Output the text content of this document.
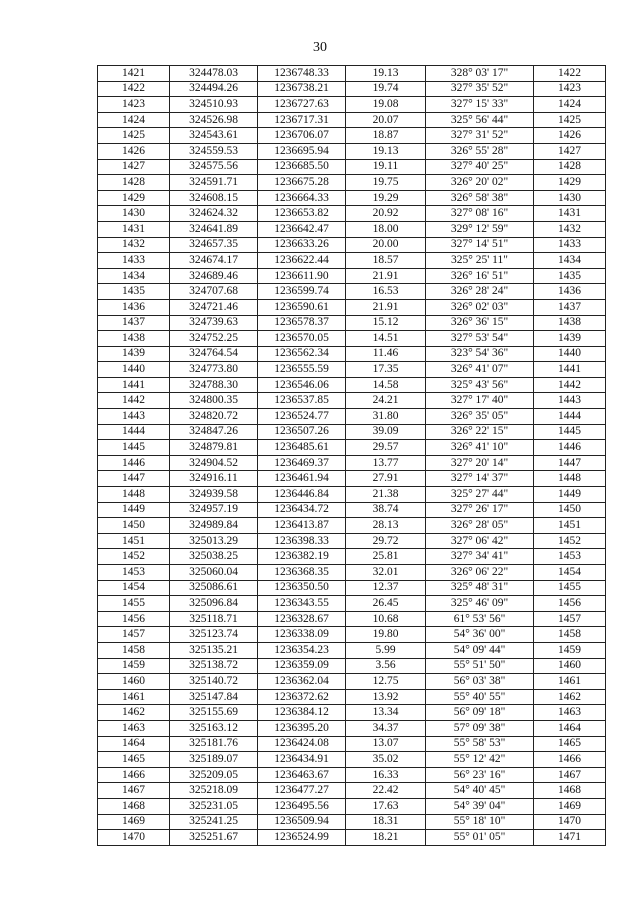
30
1421	324478.03	1236748.33	19.13	328° 03' 17"	1422
1422	324494.26	1236738.21	19.74	327° 35' 52"	1423
1423	324510.93	1236727.63	19.08	327° 15' 33"	1424
1424	324526.98	1236717.31	20.07	325° 56' 44"	1425
1425	324543.61	1236706.07	18.87	327° 31' 52"	1426
1426	324559.53	1236695.94	19.13	326° 55' 28"	1427
1427	324575.56	1236685.50	19.11	327° 40' 25"	1428
1428	324591.71	1236675.28	19.75	326° 20' 02"	1429
1429	324608.15	1236664.33	19.29	326° 58' 38"	1430
1430	324624.32	1236653.82	20.92	327° 08' 16"	1431
1431	324641.89	1236642.47	18.00	329° 12' 59"	1432
1432	324657.35	1236633.26	20.00	327° 14' 51"	1433
1433	324674.17	1236622.44	18.57	325° 25' 11"	1434
1434	324689.46	1236611.90	21.91	326° 16' 51"	1435
1435	324707.68	1236599.74	16.53	326° 28' 24"	1436
1436	324721.46	1236590.61	21.91	326° 02' 03"	1437
1437	324739.63	1236578.37	15.12	326° 36' 15"	1438
1438	324752.25	1236570.05	14.51	327° 53' 54"	1439
1439	324764.54	1236562.34	11.46	323° 54' 36"	1440
1440	324773.80	1236555.59	17.35	326° 41' 07"	1441
1441	324788.30	1236546.06	14.58	325° 43' 56"	1442
1442	324800.35	1236537.85	24.21	327° 17' 40"	1443
1443	324820.72	1236524.77	31.80	326° 35' 05"	1444
1444	324847.26	1236507.26	39.09	326° 22' 15"	1445
1445	324879.81	1236485.61	29.57	326° 41' 10"	1446
1446	324904.52	1236469.37	13.77	327° 20' 14"	1447
1447	324916.11	1236461.94	27.91	327° 14' 37"	1448
1448	324939.58	1236446.84	21.38	325° 27' 44"	1449
1449	324957.19	1236434.72	38.74	327° 26' 17"	1450
1450	324989.84	1236413.87	28.13	326° 28' 05"	1451
1451	325013.29	1236398.33	29.72	327° 06' 42"	1452
1452	325038.25	1236382.19	25.81	327° 34' 41"	1453
1453	325060.04	1236368.35	32.01	326° 06' 22"	1454
1454	325086.61	1236350.50	12.37	325° 48' 31"	1455
1455	325096.84	1236343.55	26.45	325° 46' 09"	1456
1456	325118.71	1236328.67	10.68	61° 53' 56"	1457
1457	325123.74	1236338.09	19.80	54° 36' 00"	1458
1458	325135.21	1236354.23	5.99	54° 09' 44"	1459
1459	325138.72	1236359.09	3.56	55° 51' 50"	1460
1460	325140.72	1236362.04	12.75	56° 03' 38"	1461
1461	325147.84	1236372.62	13.92	55° 40' 55"	1462
1462	325155.69	1236384.12	13.34	56° 09' 18"	1463
1463	325163.12	1236395.20	34.37	57° 09' 38"	1464
1464	325181.76	1236424.08	13.07	55° 58' 53"	1465
1465	325189.07	1236434.91	35.02	55° 12' 42"	1466
1466	325209.05	1236463.67	16.33	56° 23' 16"	1467
1467	325218.09	1236477.27	22.42	54° 40' 45"	1468
1468	325231.05	1236495.56	17.63	54° 39' 04"	1469
1469	325241.25	1236509.94	18.31	55° 18' 10"	1470
1470	325251.67	1236524.99	18.21	55° 01' 05"	1471
